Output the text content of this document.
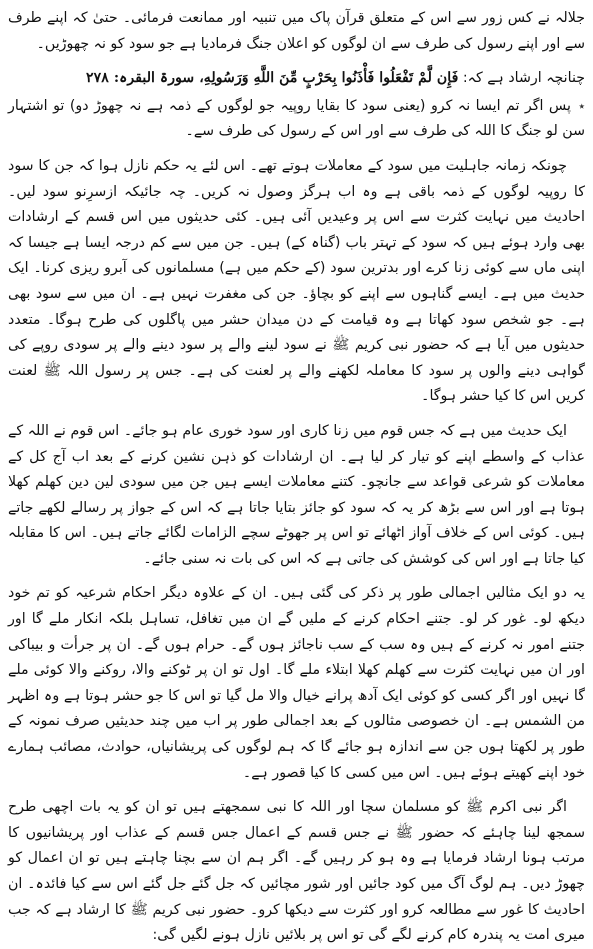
جلالہ نے کس زور سے اس کے متعلق قرآن پاک میں تنبیہ اور ممانعت فرمائی۔ حتیٰ کہ اپنے طرف سے اور اپنے رسول کی طرف سے ان لوگوں کو اعلان جنگ فرمادیا ہے جو سود کو نہ چھوڑیں۔

چنانچہ ارشاد ہے کہ: فَإِن لَّمْ تَفْعَلُوا فَأْذَنُوا بِحَرْبٍ مِّنَ اللَّهِ وَرَسُولِهِ، سورۃ البقرہ: ۲۷۸

٭ پس اگر تم ایسا نہ کرو (یعنی سود کا بقایا روپیہ جو لوگوں کے ذمہ ہے نہ چھوڑ دو) تو اشتہار سن لو جنگ کا اللہ کی طرف سے اور اس کے رسول کی طرف سے۔

چونکہ زمانہ جاہلیت میں سود کے معاملات ہوتے تھے۔ اس لئے یہ حکم نازل ہوا کہ جن کا سود کا روپیہ لوگوں کے ذمہ باقی ہے وہ اب ہرگز وصول نہ کریں۔ چہ جائیکہ ازسرِنو سود لیں۔ احادیث میں نہایت کثرت سے اس پر وعیدیں آئی ہیں۔ کئی حدیثوں میں اس قسم کے ارشادات بھی وارد ہوئے ہیں کہ سود کے تہتر باب (گناہ کے) ہیں۔ جن میں سے کم درجہ ایسا ہے جیسا کہ اپنی ماں سے کوئی زنا کرے اور بدترین سود (کے حکم میں ہے) مسلمانوں کی آبرو ریزی کرنا۔ ایک حدیث میں ہے۔ ایسے گناہوں سے اپنے کو بچاؤ۔ جن کی مغفرت نہیں ہے۔ ان میں سے سود بھی ہے۔ جو شخص سود کھاتا ہے وہ قیامت کے دن میدان حشر میں پاگلوں کی طرح ہوگا۔ متعدد حدیثوں میں آیا ہے کہ حضور نبی کریم ﷺ نے سود لینے والے پر سود دینے والے پر سودی روپے کی گواہی دینے والوں پر سود کا معاملہ لکھنے والے پر لعنت کی ہے۔ جس پر رسول اللہ ﷺ لعنت کریں اس کا کیا حشر ہوگا۔

ایک حدیث میں ہے کہ جس قوم میں زنا کاری اور سود خوری عام ہو جائے۔ اس قوم نے اللہ کے عذاب کے واسطے اپنے کو تیار کر لیا ہے۔ ان ارشادات کو ذہن نشین کرنے کے بعد اب آج کل کے معاملات کو شرعی قواعد سے جانچو۔ کتنے معاملات ایسے ہیں جن میں سودی لین دین کھلم کھلا ہوتا ہے اور اس سے بڑھ کر یہ کہ سود کو جائز بتایا جاتا ہے کہ اس کے جواز پر رسالے لکھے جاتے ہیں۔ کوئی اس کے خلاف آواز اٹھائے تو اس پر جھوٹے سچے الزامات لگائے جاتے ہیں۔ اس کا مقابلہ کیا جاتا ہے اور اس کی کوشش کی جاتی ہے کہ اس کی بات نہ سنی جائے۔

یہ دو ایک مثالیں اجمالی طور پر ذکر کی گئی ہیں۔ ان کے علاوہ دیگر احکام شرعیہ کو تم خود دیکھ لو۔ غور کر لو۔ جتنے احکام کرنے کے ملیں گے ان میں تغافل، تساہل بلکہ انکار ملے گا اور جتنے امور نہ کرنے کے ہیں وہ سب کے سب ناجائز ہوں گے۔ حرام ہوں گے۔ ان پر جرأت و بیباکی اور ان میں نہایت کثرت سے کھلم کھلا ابتلاء ملے گا۔ اول تو ان پر ٹوکنے والا، روکنے والا کوئی ملے گا نہیں اور اگر کسی کو کوئی ایک آدھ پرانے خیال والا مل گیا تو اس کا جو حشر ہوتا ہے وہ اظہر من الشمس ہے۔ ان خصوصی مثالوں کے بعد اجمالی طور پر اب میں چند حدیثیں صرف نمونہ کے طور پر لکھتا ہوں جن سے اندازہ ہو جائے گا کہ ہم لوگوں کی پریشانیاں، حوادث، مصائب ہمارے خود اپنے کھیتے ہوئے ہیں۔ اس میں کسی کا کیا قصور ہے۔

اگر نبی اکرم ﷺ کو مسلمان سچا اور اللہ کا نبی سمجھتے ہیں تو ان کو یہ بات اچھی طرح سمجھ لینا چاہئے کہ حضور ﷺ نے جس قسم کے اعمال جس قسم کے عذاب اور پریشانیوں کا مرتب ہونا ارشاد فرمایا ہے وہ ہو کر رہیں گے۔ اگر ہم ان سے بچنا چاہتے ہیں تو ان اعمال کو چھوڑ دیں۔ ہم لوگ آگ میں کود جائیں اور شور مچائیں کہ جل گئے جل گئے اس سے کیا فائدہ۔ ان احادیث کا غور سے مطالعہ کرو اور کثرت سے دیکھا کرو۔ حضور نبی کریم ﷺ کا ارشاد ہے کہ جب میری امت یہ پندرہ کام کرنے لگے گی تو اس پر بلائیں نازل ہونے لگیں گی:
